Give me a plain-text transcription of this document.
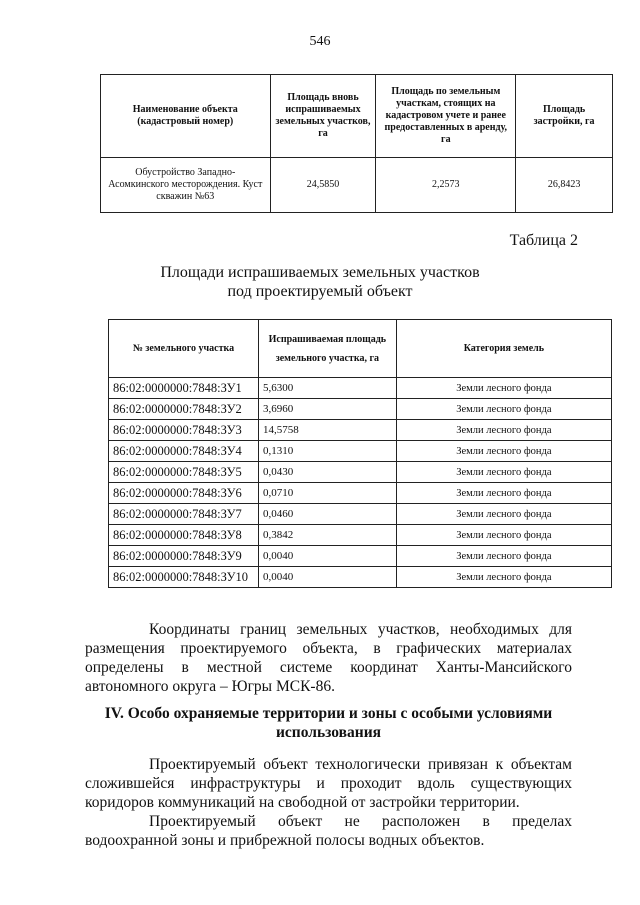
546
Наименование объекта (кадастровый номер)	Площадь вновь испрашиваемых земельных участков, га	Площадь по земельным участкам, стоящих на кадастровом учете и ранее предоставленных в аренду, га	Площадь застройки, га
Обустройство Западно-Асомкинского месторождения. Куст скважин №63	24,5850	2,2573	26,8423
Таблица 2
Площади испрашиваемых земельных участков
под проектируемый объект
№ земельного участка	Испрашиваемая площадь земельного участка, га	Категория земель
86:02:0000000:7848:ЗУ1	5,6300	Земли лесного фонда
86:02:0000000:7848:ЗУ2	3,6960	Земли лесного фонда
86:02:0000000:7848:ЗУ3	14,5758	Земли лесного фонда
86:02:0000000:7848:ЗУ4	0,1310	Земли лесного фонда
86:02:0000000:7848:ЗУ5	0,0430	Земли лесного фонда
86:02:0000000:7848:ЗУ6	0,0710	Земли лесного фонда
86:02:0000000:7848:ЗУ7	0,0460	Земли лесного фонда
86:02:0000000:7848:ЗУ8	0,3842	Земли лесного фонда
86:02:0000000:7848:ЗУ9	0,0040	Земли лесного фонда
86:02:0000000:7848:ЗУ10	0,0040	Земли лесного фонда
Координаты границ земельных участков, необходимых для размещения проектируемого объекта, в графических материалах определены в местной системе координат Ханты-Мансийского автономного округа – Югры МСК-86.
IV. Особо охраняемые территории и зоны с особыми условиями использования
Проектируемый объект технологически привязан к объектам сложившейся инфраструктуры и проходит вдоль существующих коридоров коммуникаций на свободной от застройки территории.
Проектируемый объект не расположен в пределах водоохранной зоны и прибрежной полосы водных объектов.
